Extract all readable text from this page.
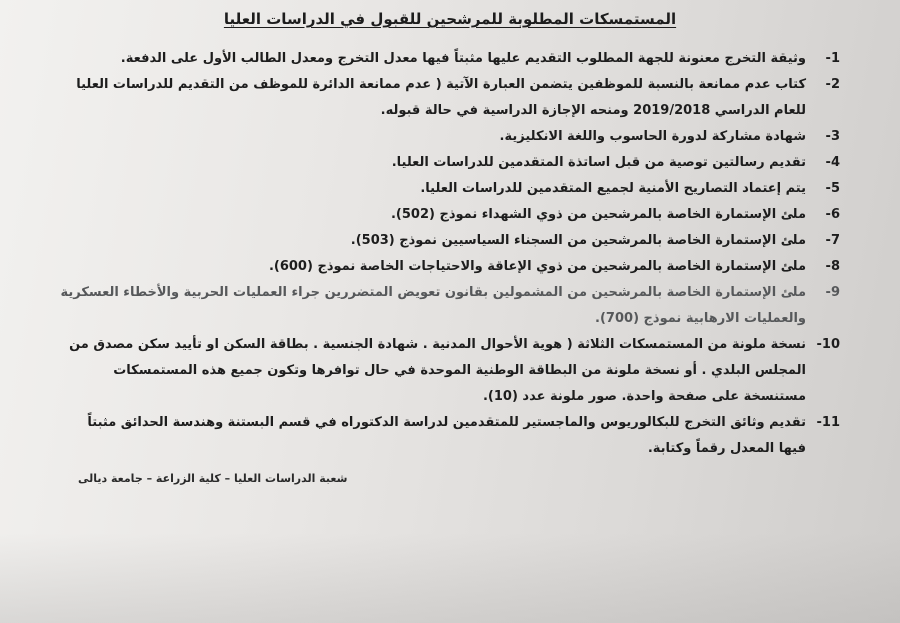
المستمسكات المطلوبة للمرشحين للقبول في الدراسات العليا
1-
وثيقة التخرج معنونة للجهة المطلوب التقديم عليها مثبتاً فيها معدل التخرج ومعدل الطالب الأول على الدفعة.
2-
كتاب عدم ممانعة بالنسبة للموظفين يتضمن العبارة الآتية ( عدم ممانعة الدائرة للموظف من التقديم للدراسات العليا للعام الدراسي 2019/2018 ومنحه الإجازة الدراسية في حالة قبوله.
3-
شهادة مشاركة لدورة الحاسوب واللغة الانكليزية.
4-
تقديم رسالتين توصية من قبل اساتذة المتقدمين للدراسات العليا.
5-
يتم إعتماد التصاريح الأمنية لجميع المتقدمين للدراسات العليا.
6-
ملئ الإستمارة الخاصة بالمرشحين من ذوي الشهداء نموذج (502).
7-
ملئ الإستمارة الخاصة بالمرشحين من السجناء السياسيين نموذج (503).
8-
ملئ الإستمارة الخاصة بالمرشحين من ذوي الإعاقة والاحتياجات الخاصة نموذج (600).
9-
ملئ الإستمارة الخاصة بالمرشحين من المشمولين بقانون تعويض المتضررين جراء العمليات الحربية والأخطاء العسكرية والعمليات الارهابية نموذج (700).
10-
نسخة ملونة من المستمسكات الثلاثة ( هوية الأحوال المدنية . شهادة الجنسية . بطاقة السكن او تأييد سكن مصدق من المجلس البلدي . أو نسخة ملونة من البطاقة الوطنية الموحدة في حال توافرها وتكون جميع هذه المستمسكات مستنسخة على صفحة واحدة. صور ملونة عدد (10).
11-
تقديم وثائق التخرج للبكالوريوس والماجستير للمتقدمين لدراسة الدكتوراه في قسم البستنة وهندسة الحدائق مثبتاً فيها المعدل رقماً وكتابة.
شعبة الدراسات العليا – كلية الزراعة – جامعة ديالى
